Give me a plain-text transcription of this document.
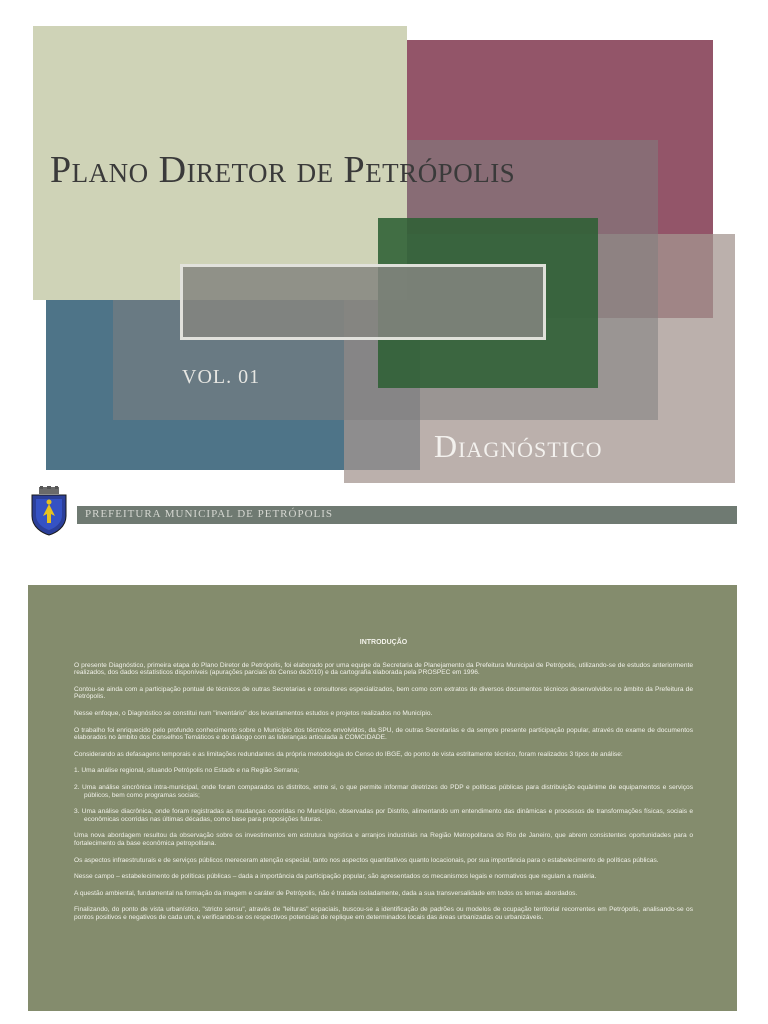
Plano Diretor de Petrópolis
VOL. 01
Diagnóstico
PREFEITURA MUNICIPAL DE PETRÓPOLIS
INTRODUÇÃO

O presente Diagnóstico, primeira etapa do Plano Diretor de Petrópolis, foi elaborado por uma equipe da Secretaria de Planejamento da Prefeitura Municipal de Petrópolis, utilizando-se de estudos anteriormente realizados, dos dados estatísticos disponíveis (apurações parciais do Censo de2010) e da cartografia elaborada pela PROSPEC em 1996.

Contou-se ainda com a participação pontual de técnicos de outras Secretarias e consultores especializados, bem como com extratos de diversos documentos técnicos desenvolvidos no âmbito da Prefeitura de Petrópolis.

Nesse enfoque, o Diagnóstico se constitui num "inventário" dos levantamentos estudos e projetos realizados no Município.

O trabalho foi enriquecido pelo profundo conhecimento sobre o Município dos técnicos envolvidos, da SPU, de outras Secretarias e da sempre presente participação popular, através do exame de documentos elaborados no âmbito dos Conselhos Temáticos e do diálogo com as lideranças articulada à COMCIDADE.

Considerando as defasagens temporais e as limitações redundantes da própria metodologia do Censo do IBGE, do ponto de vista estritamente técnico, foram realizados 3 tipos de análise:

1. Uma análise regional, situando Petrópolis no Estado e na Região Serrana;

2. Uma análise sincrônica intra-municipal, onde foram comparados os distritos, entre si, o que permite informar diretrizes do PDP e políticas públicas para distribuição equânime de equipamentos e serviços públicos, bem como programas sociais;

3. Uma análise diacrônica, onde foram registradas as mudanças ocorridas no Município, observadas por Distrito, alimentando um entendimento das dinâmicas e processos de transformações físicas, sociais e econômicas ocorridas nas últimas décadas, como base para proposições futuras.

Uma nova abordagem resultou da observação sobre os investimentos em estrutura logística e arranjos industriais na Região Metropolitana do Rio de Janeiro, que abrem consistentes oportunidades para o fortalecimento da base econômica petropolitana.

Os aspectos infraestruturais e de serviços públicos mereceram atenção especial, tanto nos aspectos quantitativos quanto locacionais, por sua importância para o estabelecimento de políticas públicas.

Nesse campo – estabelecimento de políticas públicas – dada a importância da participação popular, são apresentados os mecanismos legais e normativos que regulam a matéria.

A questão ambiental, fundamental na formação da imagem e caráter de Petrópolis, não é tratada isoladamente, dada a sua transversalidade em todos os temas abordados.

Finalizando, do ponto de vista urbanístico, "stricto sensu", através de "leituras" espaciais, buscou-se a identificação de padrões ou modelos de ocupação territorial recorrentes em Petrópolis, analisando-se os pontos positivos e negativos de cada um, e verificando-se os respectivos potenciais de replique em determinados locais das áreas urbanizadas ou urbanizáveis.
